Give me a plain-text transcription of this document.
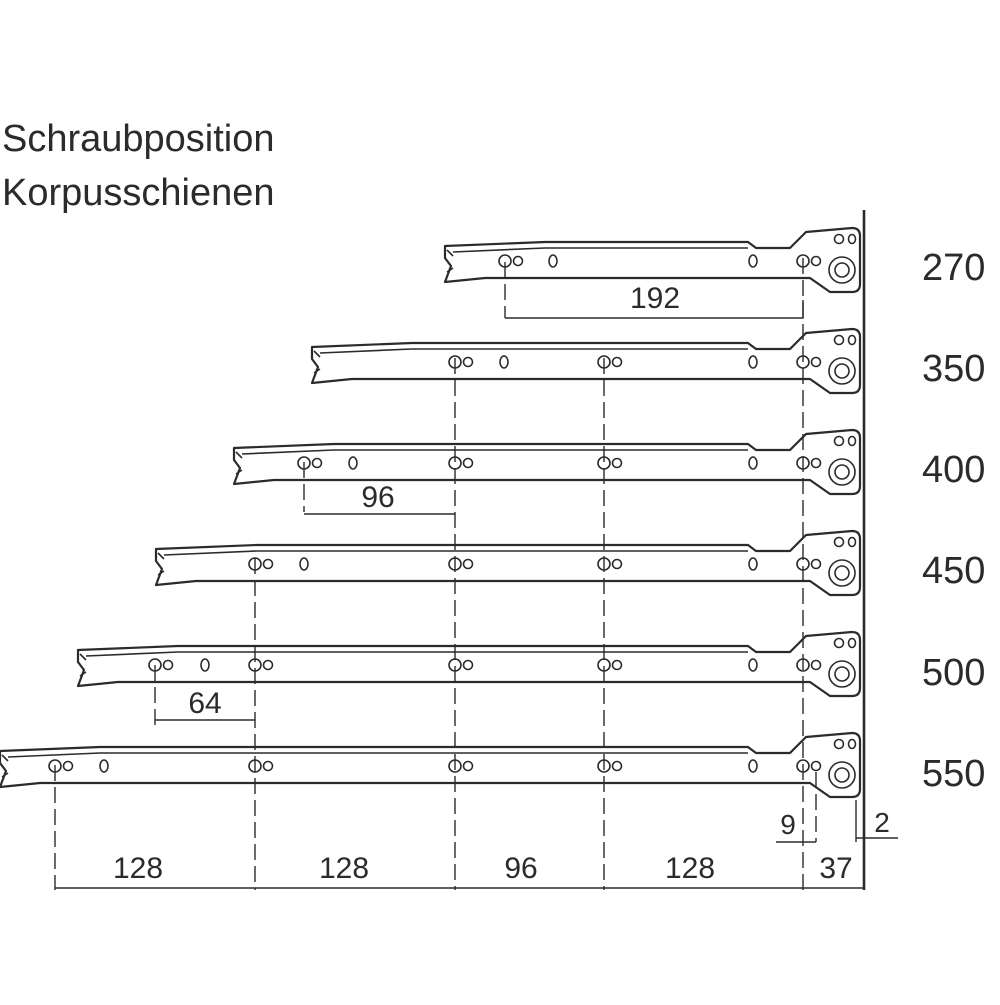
Schraubposition
Korpusschienen
270
350
400
450
500
550
192
96
64
128	128	96	128	37
9	2
